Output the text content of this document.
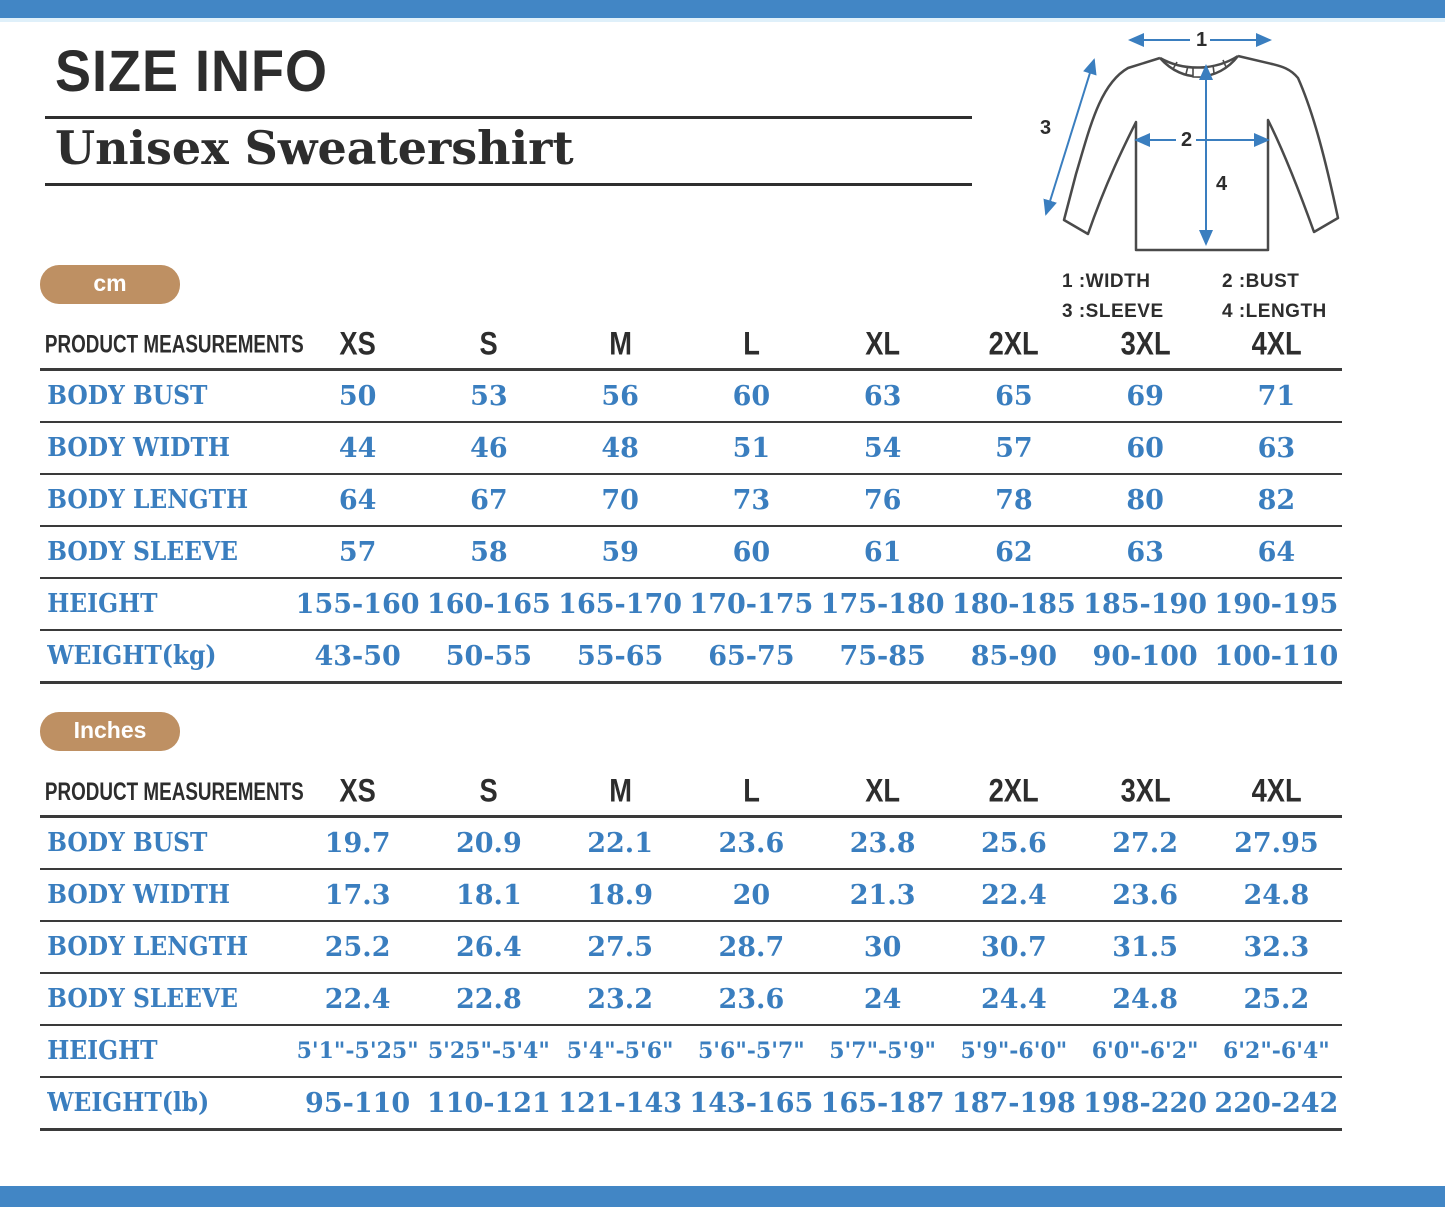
SIZE INFO
Unisex Sweatershirt
1
2
3
4
1 :WIDTH	2 :BUST
3 :SLEEVE	4 :LENGTH
cm
PRODUCT MEASUREMENTS	XS	S	M	L	XL	2XL	3XL	4XL
BODY BUST	50	53	56	60	63	65	69	71
BODY WIDTH	44	46	48	51	54	57	60	63
BODY LENGTH	64	67	70	73	76	78	80	82
BODY SLEEVE	57	58	59	60	61	62	63	64
HEIGHT	155-160 160-165 165-170 170-175 175-180 180-185 185-190 190-195
WEIGHT(kg)	43-50	50-55	55-65	65-75	75-85	85-90	90-100 100-110
Inches
PRODUCT MEASUREMENTS	XS	S	M	L	XL	2XL	3XL	4XL
BODY BUST	19.7	20.9	22.1	23.6	23.8	25.6	27.2	27.95
BODY WIDTH	17.3	18.1	18.9	20	21.3	22.4	23.6	24.8
BODY LENGTH	25.2	26.4	27.5	28.7	30	30.7	31.5	32.3
BODY SLEEVE	22.4	22.8	23.2	23.6	24	24.4	24.8	25.2
HEIGHT	5'1"-5'25" 5'25"-5'4" 5'4"-5'6"	5'6"-5'7"	5'7"-5'9"	5'9"-6'0"	6'0"-6'2"	6'2"-6'4"
WEIGHT(lb)	95-110 110-121 121-143 143-165 165-187 187-198 198-220 220-242
